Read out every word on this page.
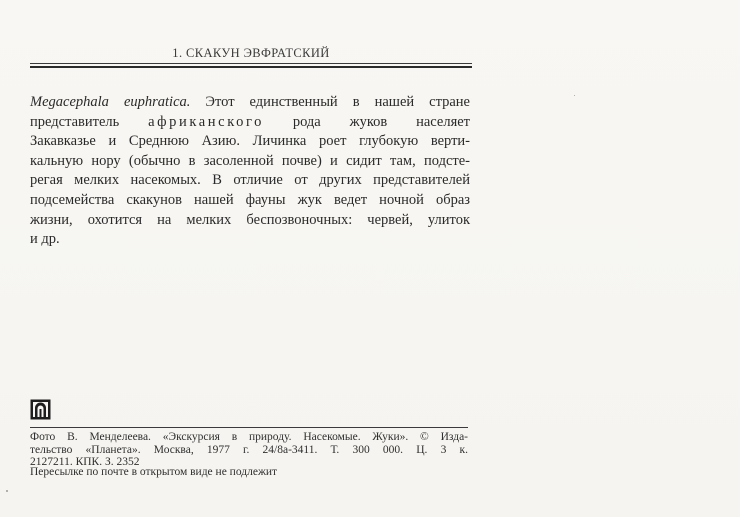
1. СКАКУН ЭВФРАТСКИЙ
Megacephala euphratica. Этот единственный в нашей стране
представитель африканского рода жуков населяет
Закавказье и Среднюю Азию. Личинка роет глубокую верти-
кальную нору (обычно в засоленной почве) и сидит там, подсте-
регая мелких насекомых. В отличие от других представителей
подсемейства скакунов нашей фауны жук ведет ночной образ
жизни, охотится на мелких беспозвоночных: червей, улиток
и др.
Фото В. Менделеева. «Экскурсия в природу. Насекомые. Жуки». © Изда-
тельство «Планета». Москва, 1977 г. 24/8а-3411. Т. 300 000. Ц. 3 к.
2127211. КПК. З. 2352
Пересылке по почте в открытом виде не подлежит
